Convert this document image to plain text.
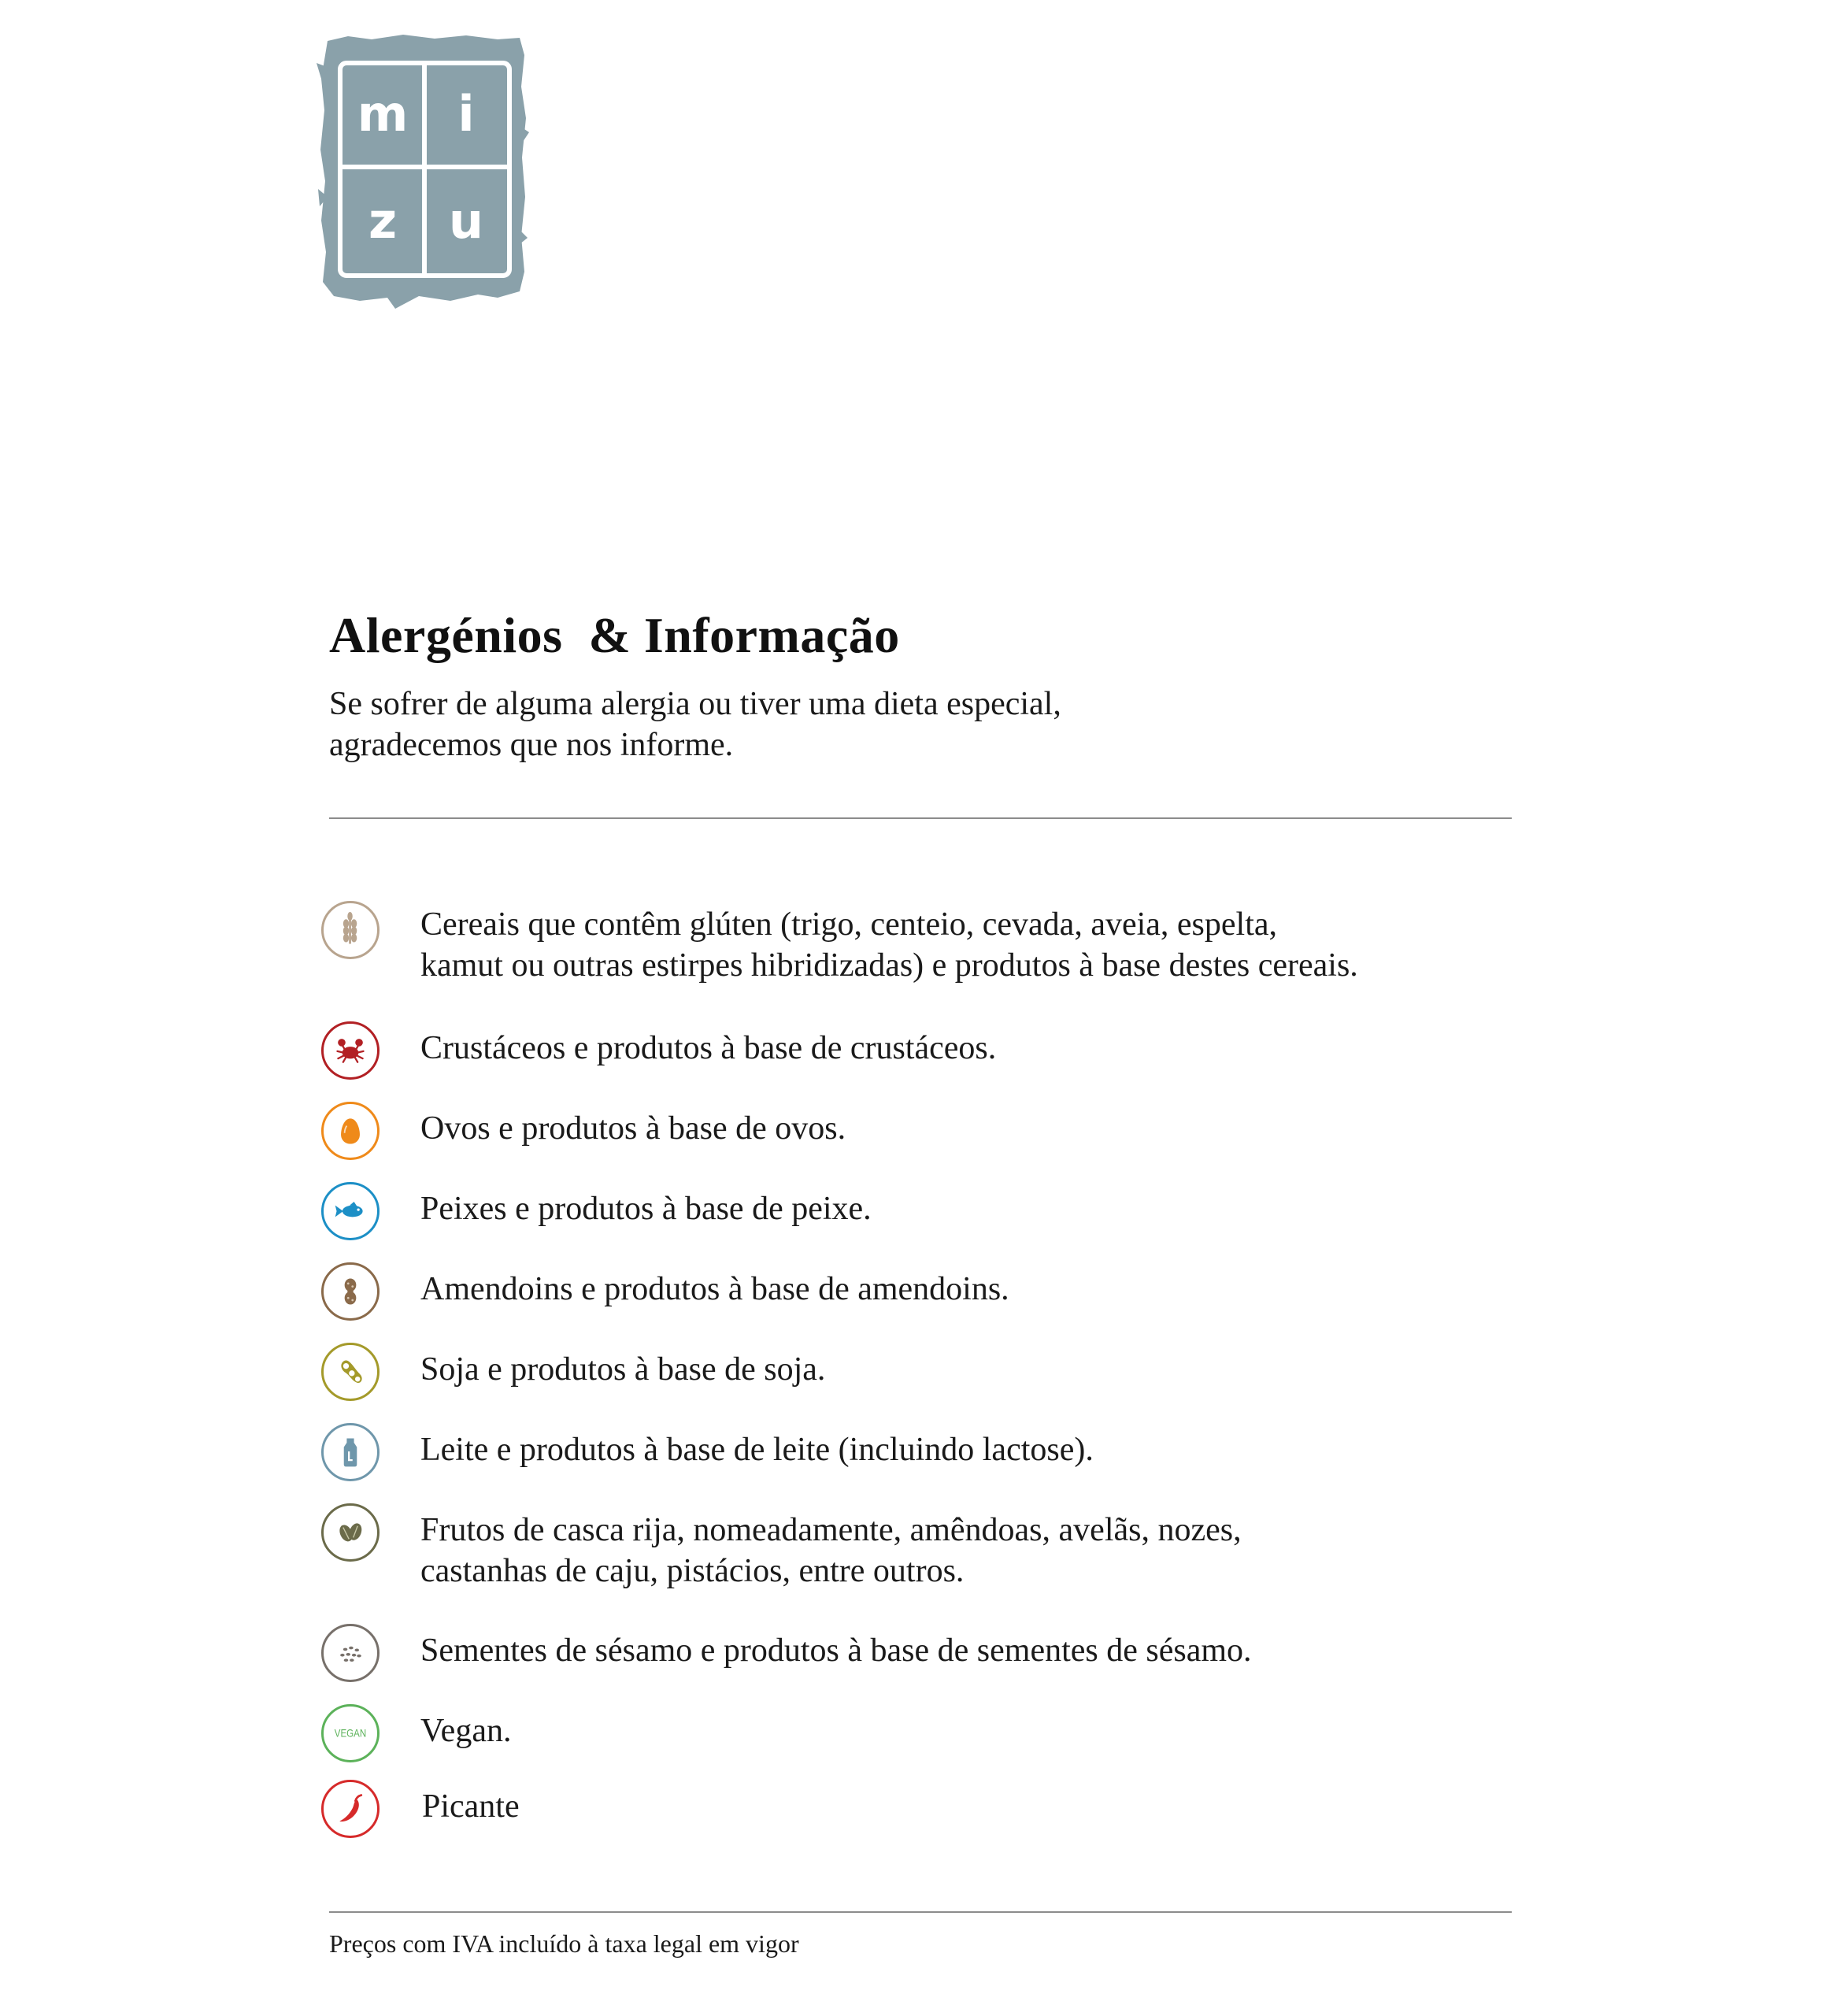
m i
z u
Alergénios  & Informação
Se sofrer de alguma alergia ou tiver uma dieta especial,
agradecemos que nos informe.
Cereais que contêm glúten (trigo, centeio, cevada, aveia, espelta,
kamut ou outras estirpes hibridizadas) e produtos à base destes cereais.
Crustáceos e produtos à base de crustáceos.
Ovos e produtos à base de ovos.
Peixes e produtos à base de peixe.
Amendoins e produtos à base de amendoins.
Soja e produtos à base de soja.
Leite e produtos à base de leite (incluindo lactose).
Frutos de casca rija, nomeadamente, amêndoas, avelãs, nozes,
castanhas de caju, pistácios, entre outros.
Sementes de sésamo e produtos à base de sementes de sésamo.
VEGAN Vegan.
Picante
Preços com IVA incluído à taxa legal em vigor
